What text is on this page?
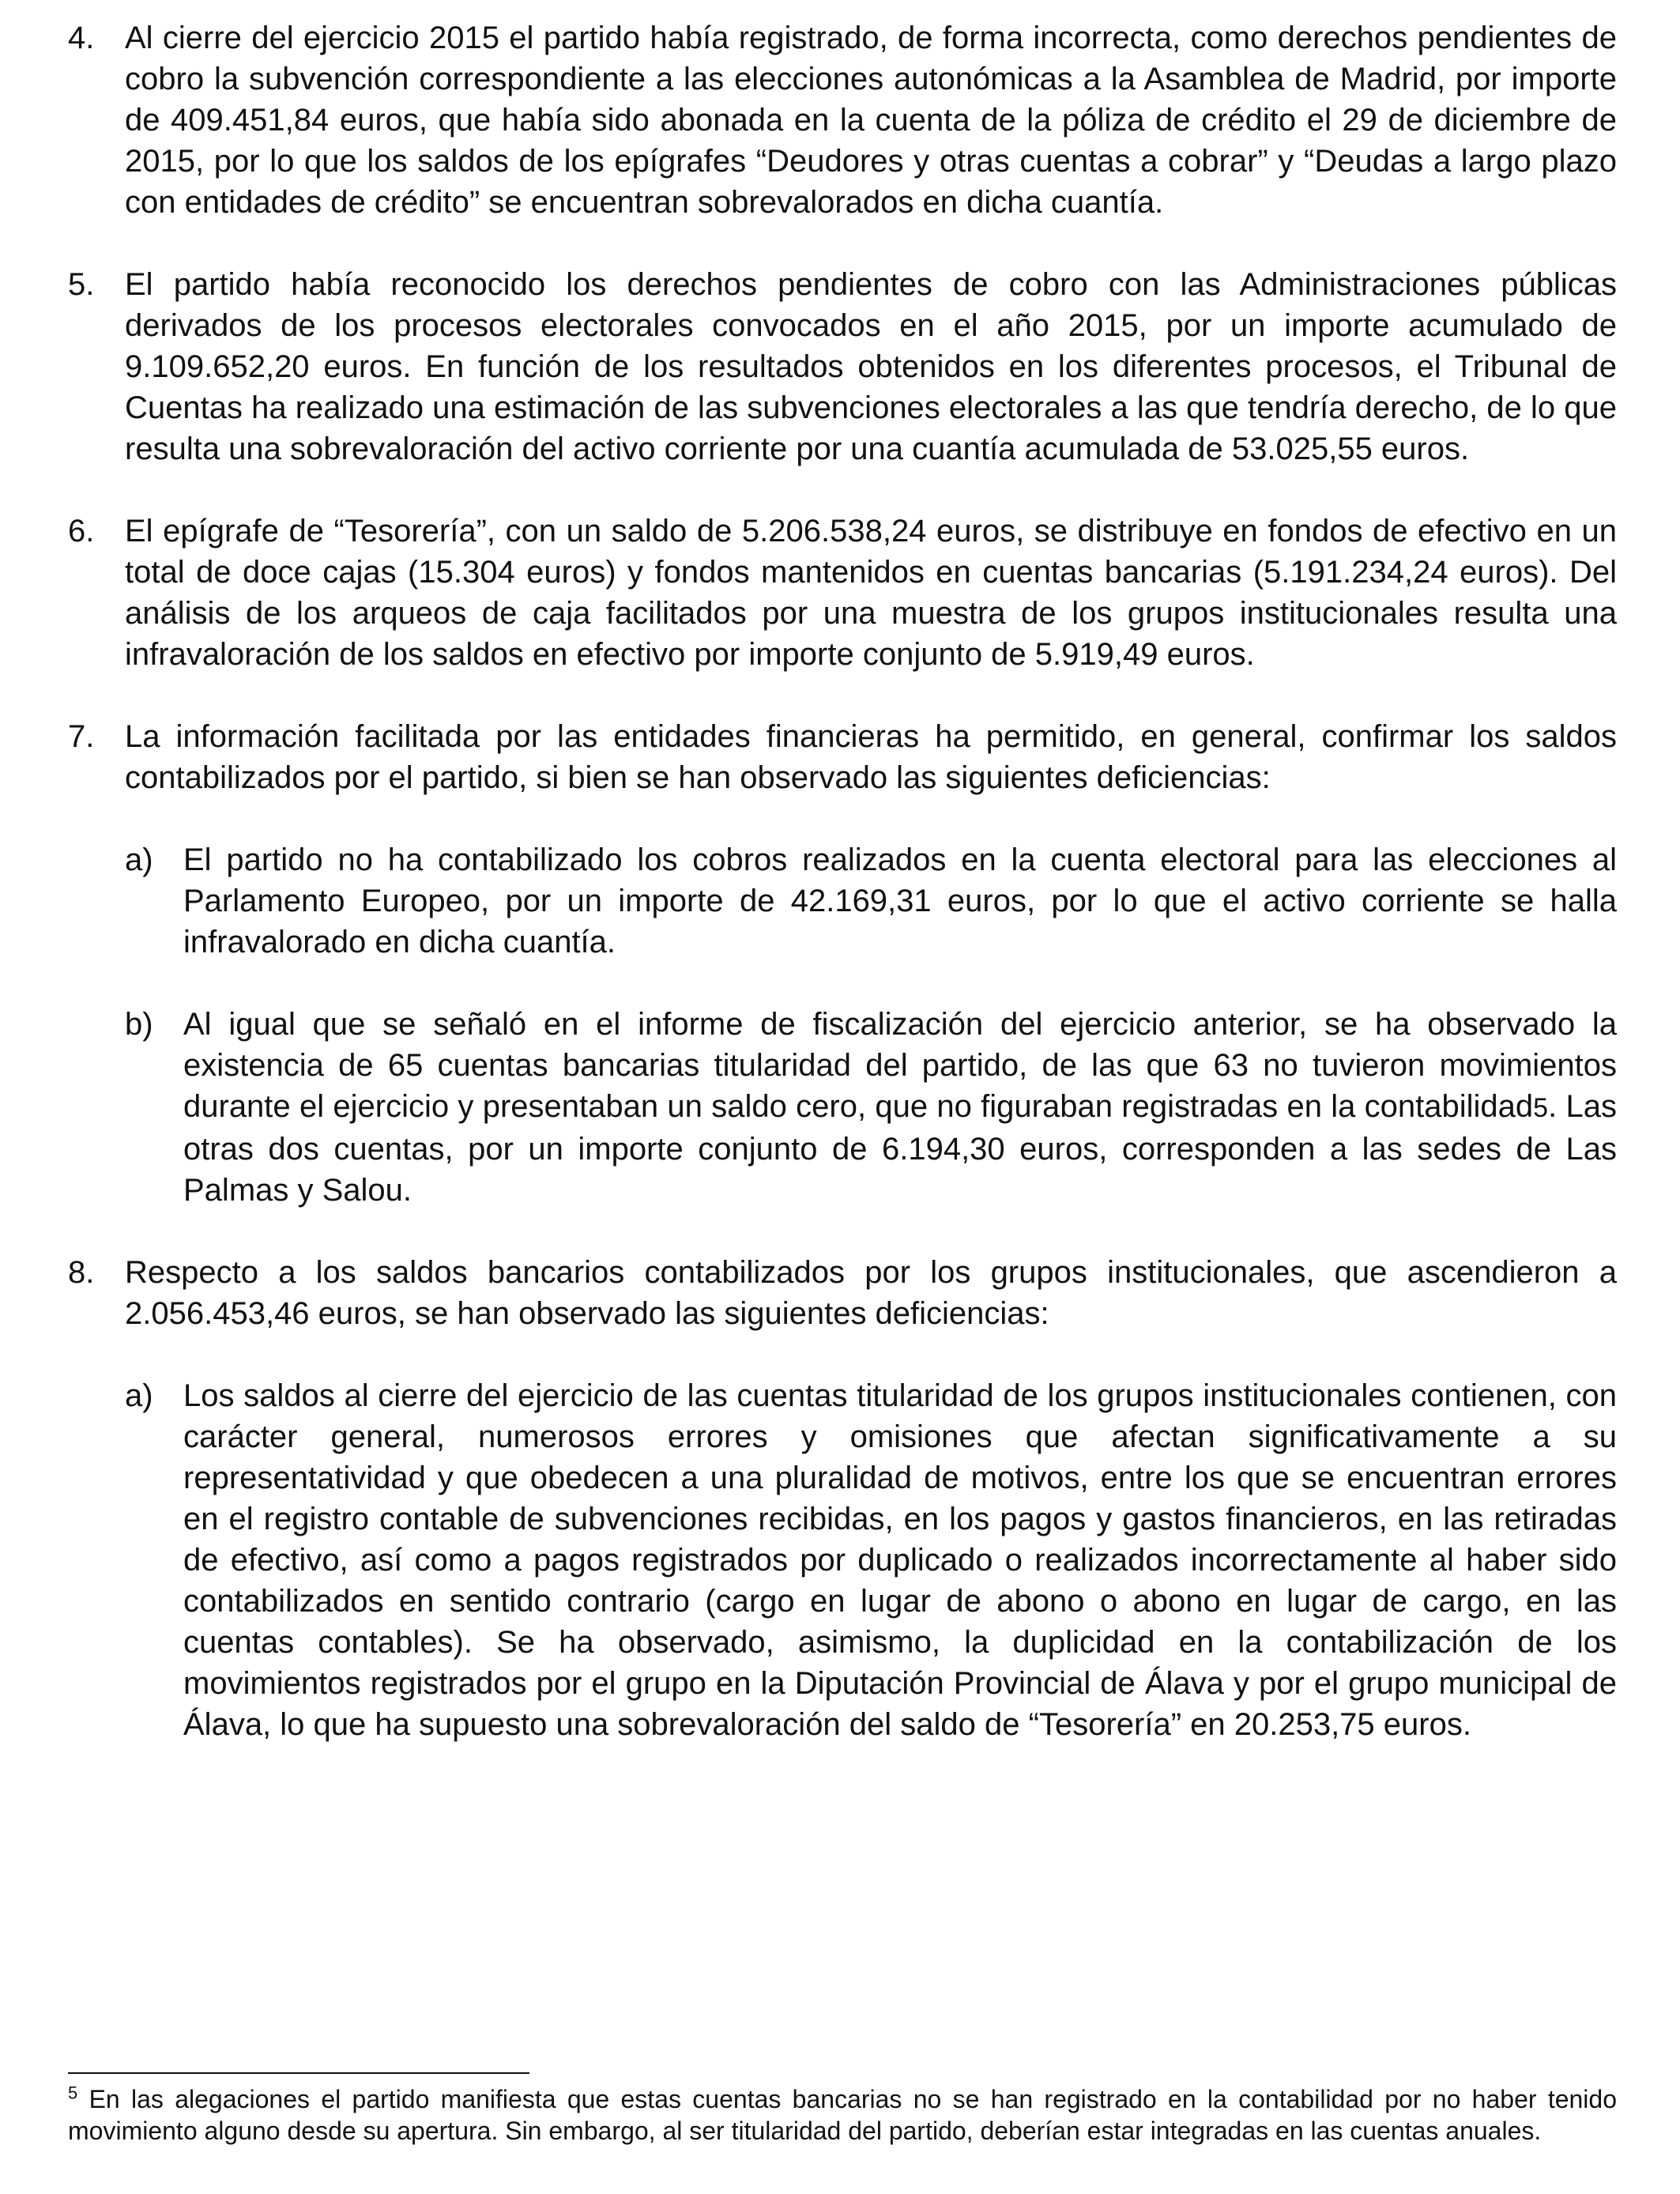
4. Al cierre del ejercicio 2015 el partido había registrado, de forma incorrecta, como derechos pendientes de cobro la subvención correspondiente a las elecciones autonómicas a la Asamblea de Madrid, por importe de 409.451,84 euros, que había sido abonada en la cuenta de la póliza de crédito el 29 de diciembre de 2015, por lo que los saldos de los epígrafes “Deudores y otras cuentas a cobrar” y “Deudas a largo plazo con entidades de crédito” se encuentran sobrevalorados en dicha cuantía.
5. El partido había reconocido los derechos pendientes de cobro con las Administraciones públicas derivados de los procesos electorales convocados en el año 2015, por un importe acumulado de 9.109.652,20 euros. En función de los resultados obtenidos en los diferentes procesos, el Tribunal de Cuentas ha realizado una estimación de las subvenciones electorales a las que tendría derecho, de lo que resulta una sobrevaloración del activo corriente por una cuantía acumulada de 53.025,55 euros.
6. El epígrafe de “Tesorería”, con un saldo de 5.206.538,24 euros, se distribuye en fondos de efectivo en un total de doce cajas (15.304 euros) y fondos mantenidos en cuentas bancarias (5.191.234,24 euros). Del análisis de los arqueos de caja facilitados por una muestra de los grupos institucionales resulta una infravaloración de los saldos en efectivo por importe conjunto de 5.919,49 euros.
7. La información facilitada por las entidades financieras ha permitido, en general, confirmar los saldos contabilizados por el partido, si bien se han observado las siguientes deficiencias:
a) El partido no ha contabilizado los cobros realizados en la cuenta electoral para las elecciones al Parlamento Europeo, por un importe de 42.169,31 euros, por lo que el activo corriente se halla infravalorado en dicha cuantía.
b) Al igual que se señaló en el informe de fiscalización del ejercicio anterior, se ha observado la existencia de 65 cuentas bancarias titularidad del partido, de las que 63 no tuvieron movimientos durante el ejercicio y presentaban un saldo cero, que no figuraban registradas en la contabilidad5. Las otras dos cuentas, por un importe conjunto de 6.194,30 euros, corresponden a las sedes de Las Palmas y Salou.
8. Respecto a los saldos bancarios contabilizados por los grupos institucionales, que ascendieron a 2.056.453,46 euros, se han observado las siguientes deficiencias:
a) Los saldos al cierre del ejercicio de las cuentas titularidad de los grupos institucionales contienen, con carácter general, numerosos errores y omisiones que afectan significativamente a su representatividad y que obedecen a una pluralidad de motivos, entre los que se encuentran errores en el registro contable de subvenciones recibidas, en los pagos y gastos financieros, en las retiradas de efectivo, así como a pagos registrados por duplicado o realizados incorrectamente al haber sido contabilizados en sentido contrario (cargo en lugar de abono o abono en lugar de cargo, en las cuentas contables). Se ha observado, asimismo, la duplicidad en la contabilización de los movimientos registrados por el grupo en la Diputación Provincial de Álava y por el grupo municipal de Álava, lo que ha supuesto una sobrevaloración del saldo de “Tesorería” en 20.253,75 euros.
$^5$ En las alegaciones el partido manifiesta que estas cuentas bancarias no se han registrado en la contabilidad por no haber tenido movimiento alguno desde su apertura. Sin embargo, al ser titularidad del partido, deberían estar integradas en las cuentas anuales.
